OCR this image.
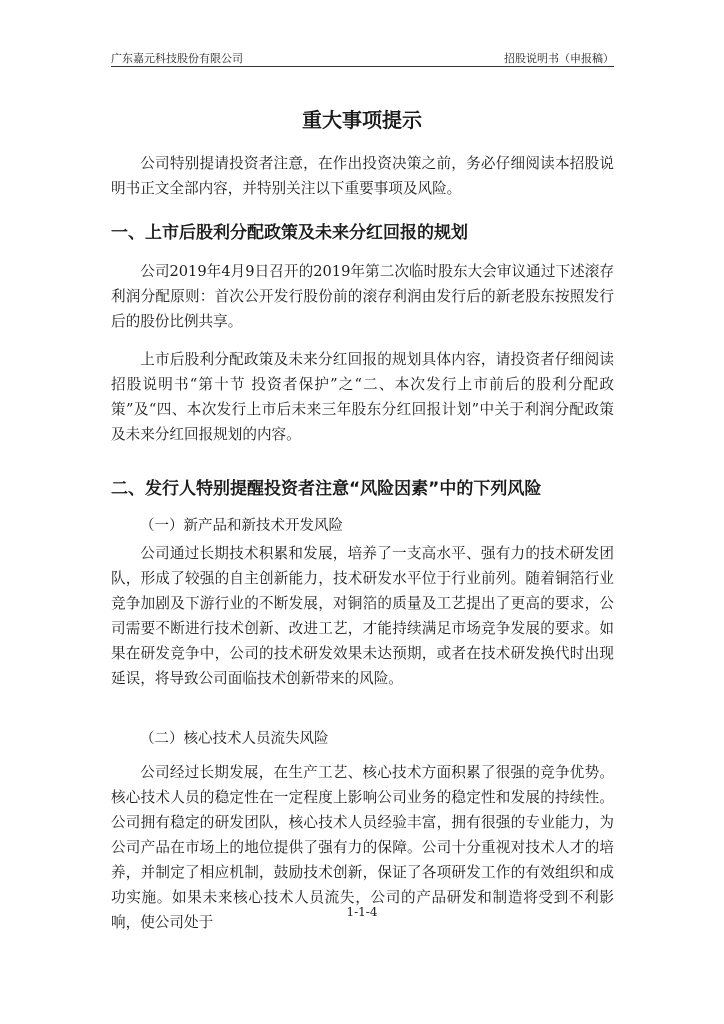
广东嘉元科技股份有限公司	招股说明书（申报稿）
重大事项提示

公司特别提请投资者注意，在作出投资决策之前，务必仔细阅读本招股说明书正文全部内容，并特别关注以下重要事项及风险。

一、上市后股利分配政策及未来分红回报的规划

公司2019年4月9日召开的2019年第二次临时股东大会审议通过下述滚存利润分配原则：首次公开发行股份前的滚存利润由发行后的新老股东按照发行后的股份比例共享。

上市后股利分配政策及未来分红回报的规划具体内容，请投资者仔细阅读招股说明书“第十节 投资者保护”之“二、本次发行上市前后的股利分配政策”及“四、本次发行上市后未来三年股东分红回报计划”中关于利润分配政策及未来分红回报规划的内容。

二、发行人特别提醒投资者注意“风险因素”中的下列风险

（一）新产品和新技术开发风险

公司通过长期技术积累和发展，培养了一支高水平、强有力的技术研发团队，形成了较强的自主创新能力，技术研发水平位于行业前列。随着铜箔行业竞争加剧及下游行业的不断发展，对铜箔的质量及工艺提出了更高的要求，公司需要不断进行技术创新、改进工艺，才能持续满足市场竞争发展的要求。如果在研发竞争中，公司的技术研发效果未达预期，或者在技术研发换代时出现延误，将导致公司面临技术创新带来的风险。

（二）核心技术人员流失风险

公司经过长期发展，在生产工艺、核心技术方面积累了很强的竞争优势。核心技术人员的稳定性在一定程度上影响公司业务的稳定性和发展的持续性。公司拥有稳定的研发团队，核心技术人员经验丰富，拥有很强的专业能力，为公司产品在市场上的地位提供了强有力的保障。公司十分重视对技术人才的培养，并制定了相应机制，鼓励技术创新，保证了各项研发工作的有效组织和成功实施。如果未来核心技术人员流失，公司的产品研发和制造将受到不利影响，使公司处于

1-1-4
